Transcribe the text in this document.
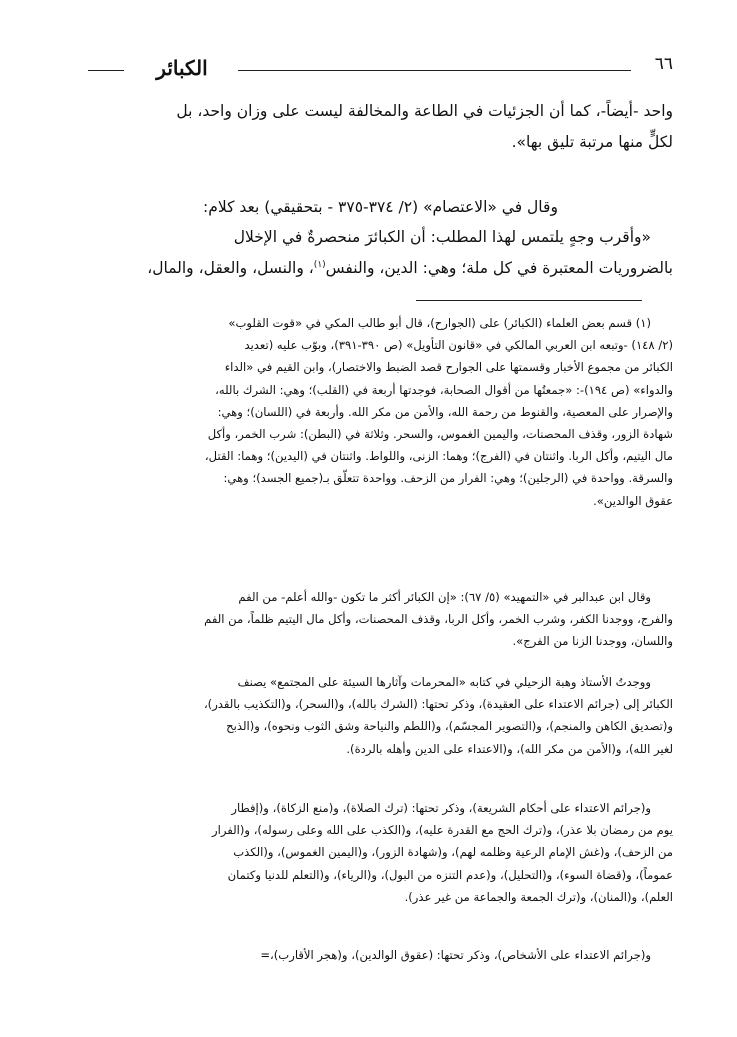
٦٦
الكبائر

واحد -أيضاً-، كما أن الجزئيات في الطاعة والمخالفة ليست على وزان واحد، بل

لكلٍّ منها مرتبة تليق بها».

وقال في «الاعتصام» (٢/ ٣٧٤-٣٧٥ - بتحقيقي) بعد كلام:

«وأقرب وجهٍ يلتمس لهذا المطلب: أن الكبائرَ منحصرةٌ في الإخلال

بالضروريات المعتبرة في كل ملة؛ وهي: الدين، والنفس$^{(١)}$، والنسل، والعقل، والمال،

(١) قسم بعض العلماء (الكبائر) على (الجوارح)، قال أبو طالب المكي في «قوت القلوب»

(٢/ ١٤٨) -وتبعه ابن العربي المالكي في «قانون التأويل» (ص ٣٩٠-٣٩١)، وبوّب عليه (تعديد

الكبائر من مجموع الأخبار وقسمتها على الجوارح قصد الضبط والاختصار)، وابن القيم في «الداء

والدواء» (ص ١٩٤)-: «جمعتُها من أقوال الصحابة، فوجدتها أربعة في (القلب)؛ وهي: الشرك بالله،

والإصرار على المعصية، والقنوط من رحمة الله، والأمن من مكر الله. وأربعة في (اللسان)؛ وهي:

شهادة الزور، وقذف المحصنات، واليمين الغموس، والسحر. وثلاثة في (البطن): شرب الخمر، وأكل

مال اليتيم، وأكل الربا. واثنتان في (الفرج)؛ وهما: الزنى، واللواط. واثنتان في (اليدين)؛ وهما: القتل،

والسرقة. وواحدة في (الرجلين)؛ وهي: الفرار من الزحف. وواحدة تتعلّق بـ(جميع الجسد)؛ وهي:

عقوق الوالدين».

وقال ابن عبدالبر في «التمهيد» (٥/ ٦٧): «إن الكبائر أكثر ما تكون -والله أعلم- من الفم

والفرج، ووجدنا الكفر، وشرب الخمر، وأكل الربا، وقذف المحصنات، وأكل مال اليتيم ظلماً، من الفم

واللسان، ووجدنا الزنا من الفرج».

ووجدتُ الأستاذ وهبة الزحيلي في كتابه «المحرمات وآثارها السيئة على المجتمع» يصنف

الكبائر إلى (جرائم الاعتداء على العقيدة)، وذكر تحتها: (الشرك بالله)، و(السحر)، و(التكذيب بالقدر)،

و(تصديق الكاهن والمنجم)، و(التصوير المجسّم)، و(اللطم والنياحة وشق الثوب ونحوه)، و(الذبح

لغير الله)، و(الأمن من مكر الله)، و(الاعتداء على الدين وأهله بالردة).

و(جرائم الاعتداء على أحكام الشريعة)، وذكر تحتها: (ترك الصلاة)، و(منع الزكاة)، و(إفطار

يوم من رمضان بلا عذر)، و(ترك الحج مع القدرة عليه)، و(الكذب على الله وعلى رسوله)، و(الفرار

من الزحف)، و(غش الإمام الرعية وظلمه لهم)، و(شهادة الزور)، و(اليمين الغموس)، و(الكذب

عموماً)، و(قضاة السوء)، و(التحليل)، و(عدم التنزه من البول)، و(الرياء)، و(التعلم للدنيا وكتمان

العلم)، و(المنان)، و(ترك الجمعة والجماعة من غير عذر).

و(جرائم الاعتداء على الأشخاص)، وذكر تحتها: (عقوق الوالدين)، و(هجر الأقارب)،=
